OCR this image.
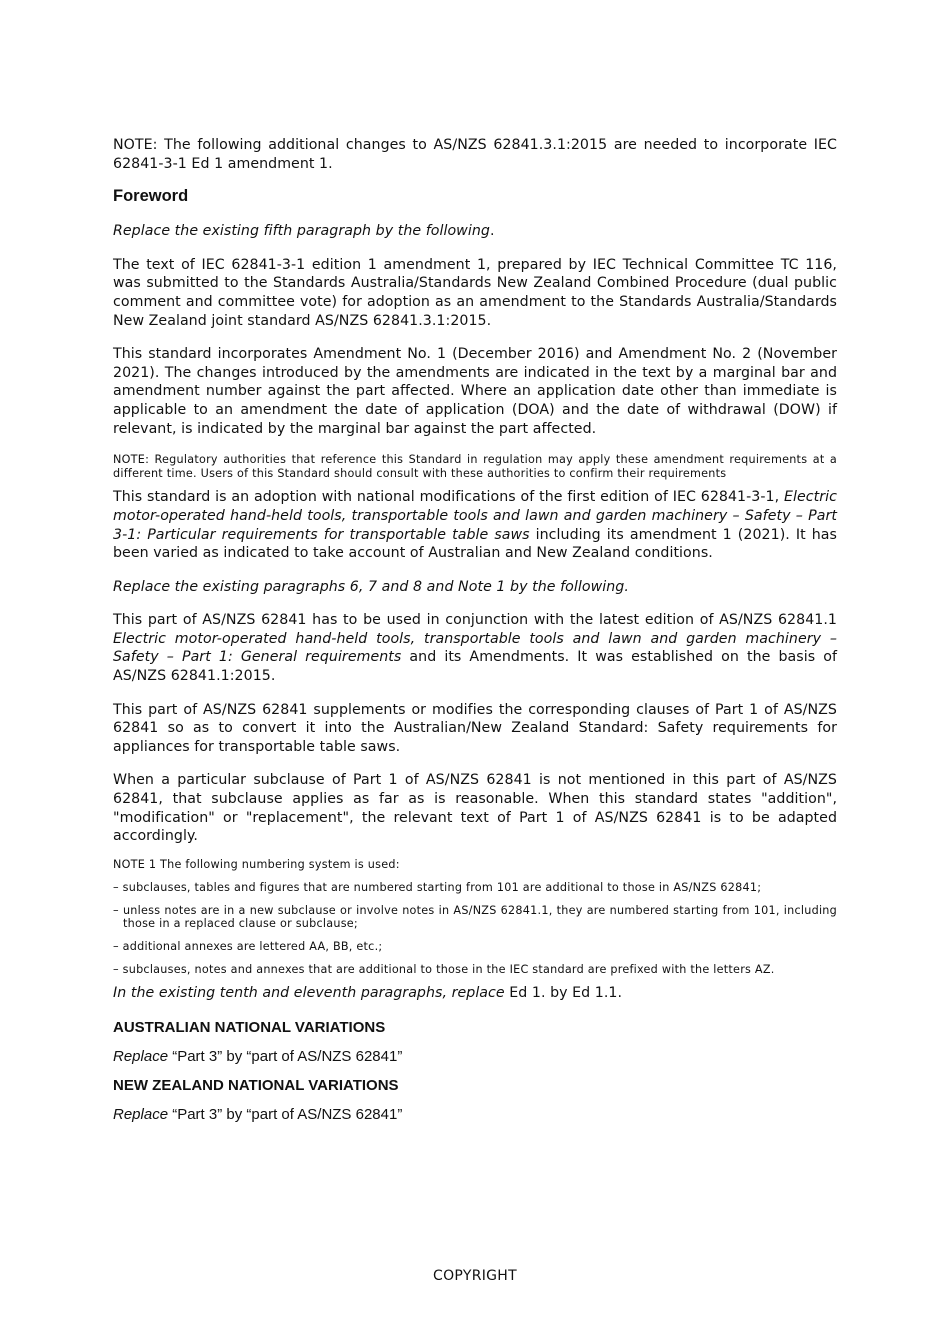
NOTE: The following additional changes to AS/NZS 62841.3.1:2015 are needed to incorporate IEC 62841-3-1 Ed 1 amendment 1.

Foreword

Replace the existing fifth paragraph by the following.

The text of IEC 62841-3-1 edition 1 amendment 1, prepared by IEC Technical Committee TC 116, was submitted to the Standards Australia/Standards New Zealand Combined Procedure (dual public comment and committee vote) for adoption as an amendment to the Standards Australia/Standards New Zealand joint standard AS/NZS 62841.3.1:2015.

This standard incorporates Amendment No. 1 (December 2016) and Amendment No. 2 (November 2021). The changes introduced by the amendments are indicated in the text by a marginal bar and amendment number against the part affected. Where an application date other than immediate is applicable to an amendment the date of application (DOA) and the date of withdrawal (DOW) if relevant, is indicated by the marginal bar against the part affected.

NOTE: Regulatory authorities that reference this Standard in regulation may apply these amendment requirements at a different time. Users of this Standard should consult with these authorities to confirm their requirements

This standard is an adoption with national modifications of the first edition of IEC 62841-3-1, Electric motor-operated hand-held tools, transportable tools and lawn and garden machinery – Safety – Part 3-1: Particular requirements for transportable table saws including its amendment 1 (2021). It has been varied as indicated to take account of Australian and New Zealand conditions.

Replace the existing paragraphs 6, 7 and 8 and Note 1 by the following.

This part of AS/NZS 62841 has to be used in conjunction with the latest edition of AS/NZS 62841.1 Electric motor-operated hand-held tools, transportable tools and lawn and garden machinery – Safety – Part 1: General requirements and its Amendments. It was established on the basis of AS/NZS 62841.1:2015.

This part of AS/NZS 62841 supplements or modifies the corresponding clauses of Part 1 of AS/NZS 62841 so as to convert it into the Australian/New Zealand Standard: Safety requirements for appliances for transportable table saws.

When a particular subclause of Part 1 of AS/NZS 62841 is not mentioned in this part of AS/NZS 62841, that subclause applies as far as is reasonable. When this standard states "addition", "modification" or "replacement", the relevant text of Part 1 of AS/NZS 62841 is to be adapted accordingly.

NOTE 1 The following numbering system is used:

– subclauses, tables and figures that are numbered starting from 101 are additional to those in AS/NZS 62841;

– unless notes are in a new subclause or involve notes in AS/NZS 62841.1, they are numbered starting from 101, including those in a replaced clause or subclause;

– additional annexes are lettered AA, BB, etc.;

– subclauses, notes and annexes that are additional to those in the IEC standard are prefixed with the letters AZ.

In the existing tenth and eleventh paragraphs, replace Ed 1. by Ed 1.1.

AUSTRALIAN NATIONAL VARIATIONS
Replace “Part 3” by “part of AS/NZS 62841”
NEW ZEALAND NATIONAL VARIATIONS
Replace “Part 3” by “part of AS/NZS 62841”
COPYRIGHT
